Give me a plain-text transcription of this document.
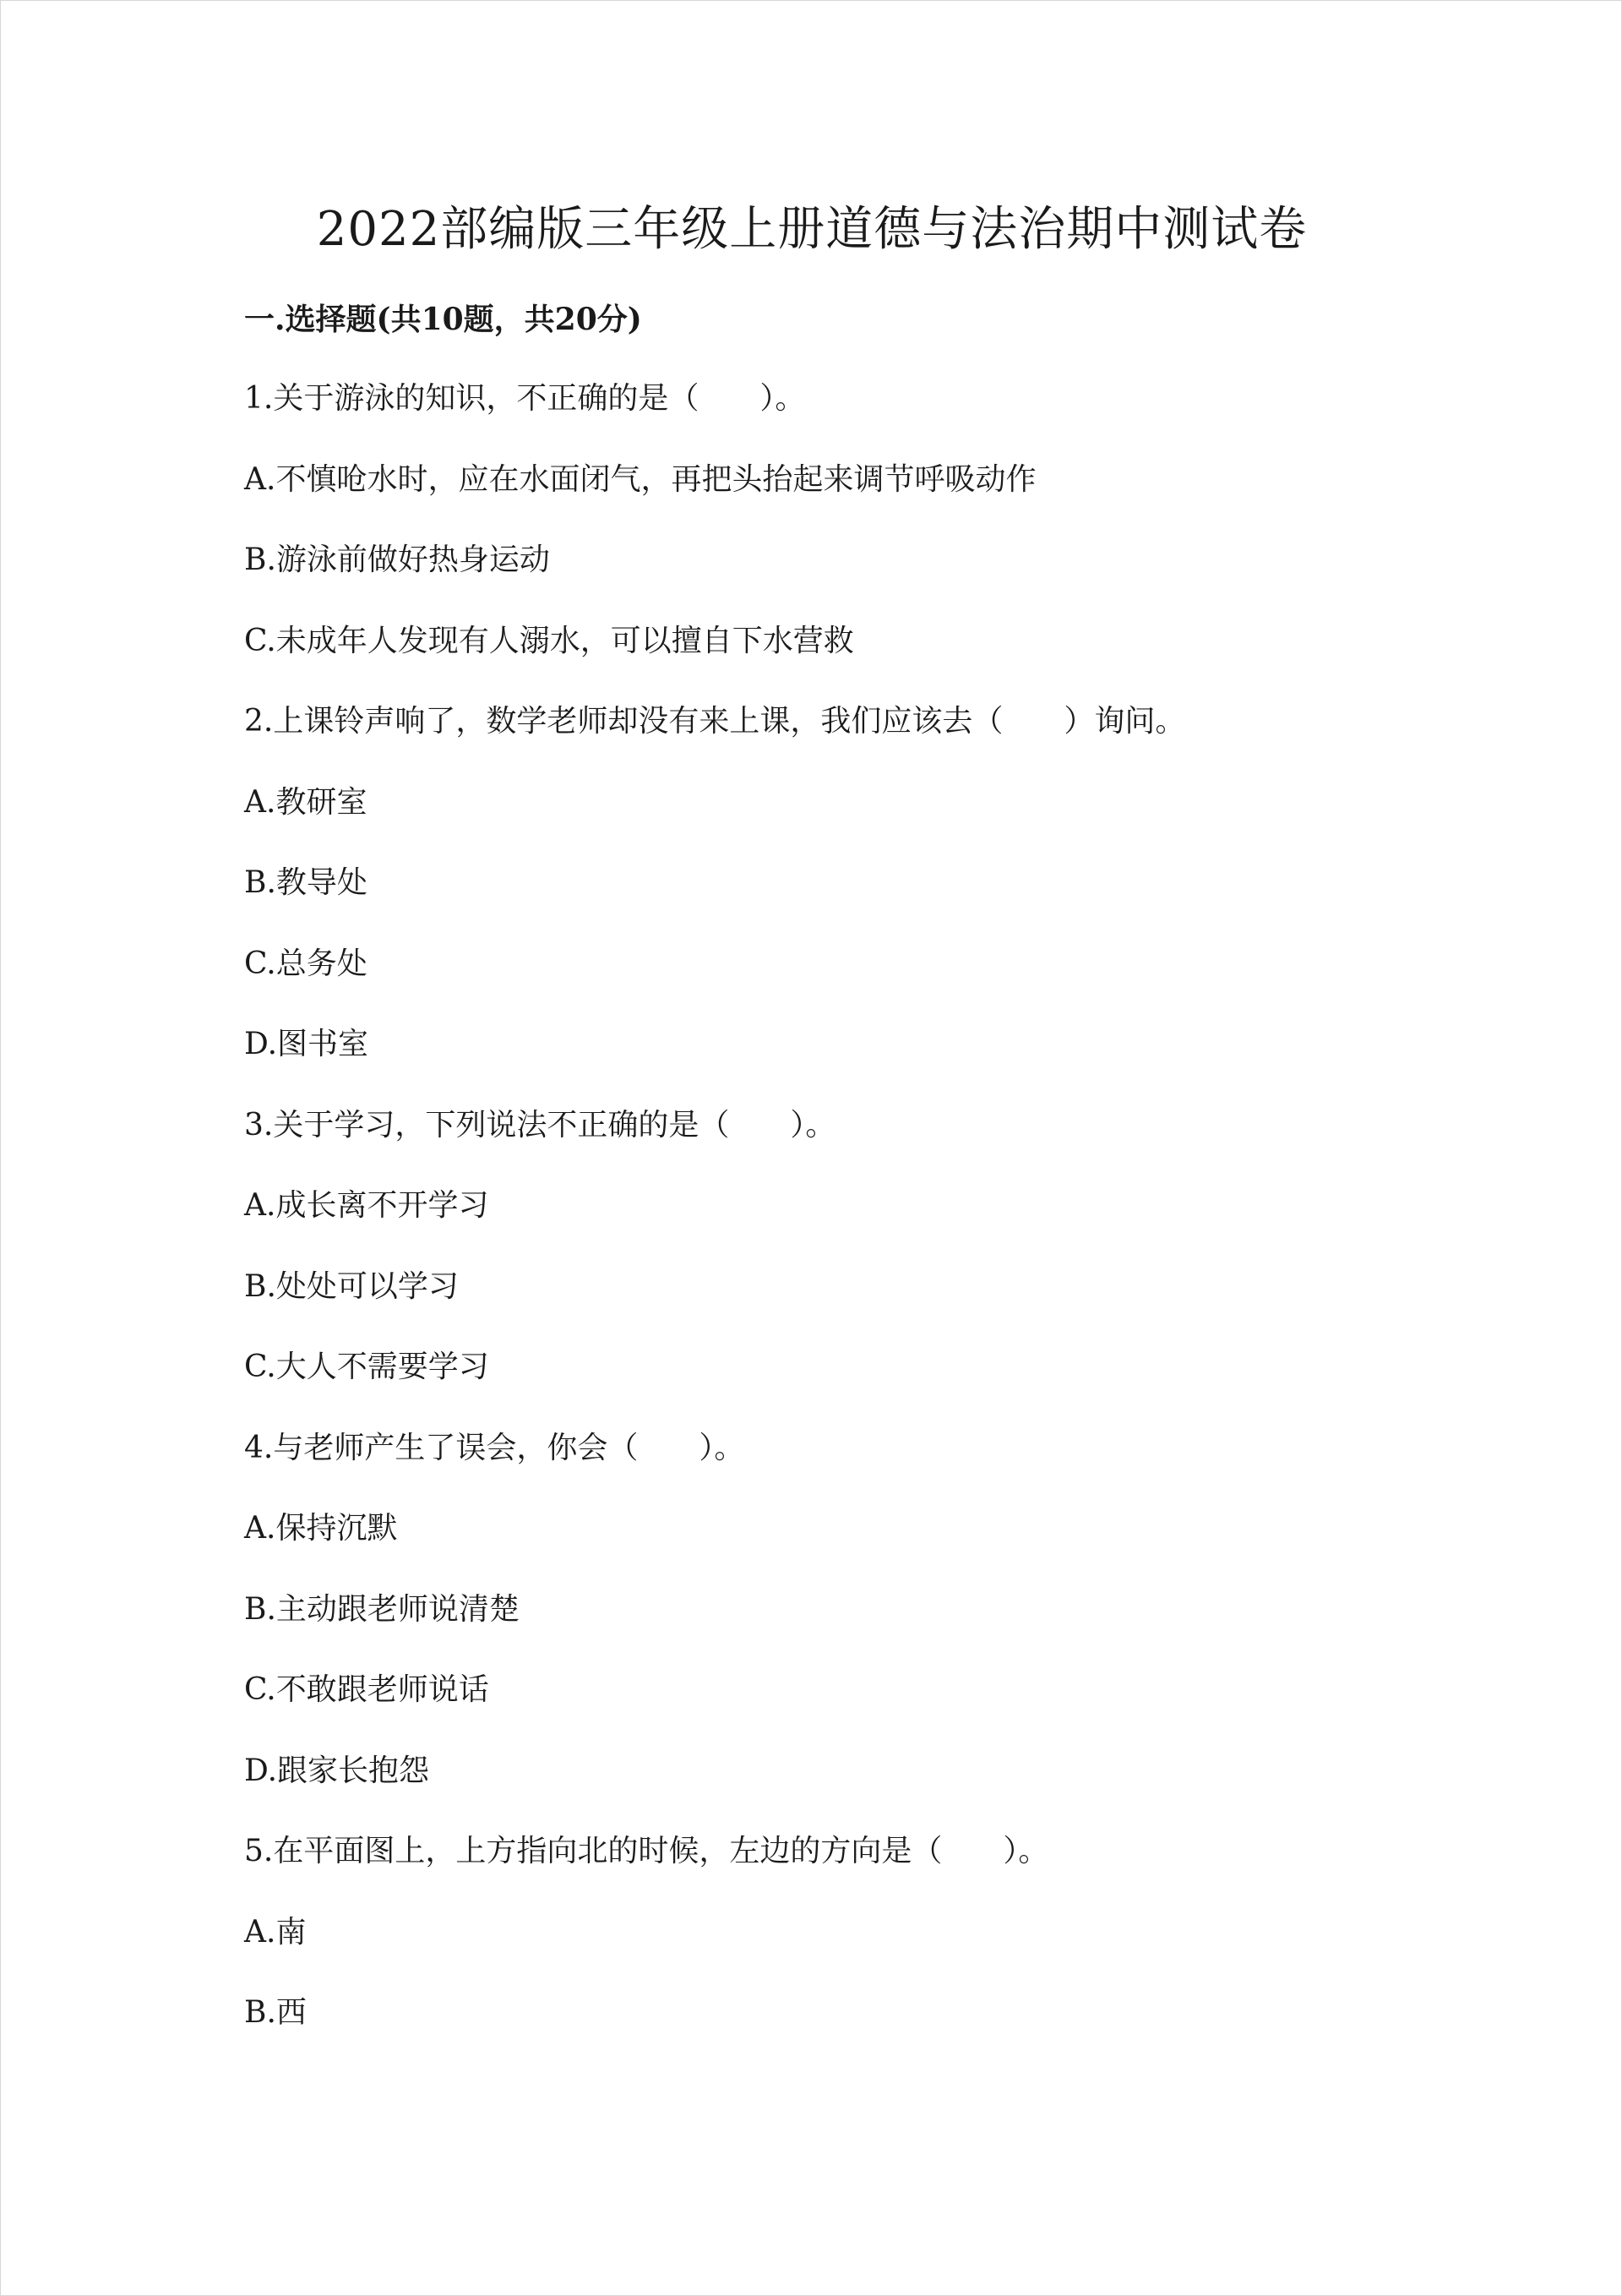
2022部编版三年级上册道德与法治期中测试卷
一.选择题(共10题，共20分)
1.关于游泳的知识，不正确的是（　　）。
A.不慎呛水时，应在水面闭气，再把头抬起来调节呼吸动作
B.游泳前做好热身运动
C.未成年人发现有人溺水，可以擅自下水营救
2.上课铃声响了，数学老师却没有来上课，我们应该去（　　）询问。
A.教研室
B.教导处
C.总务处
D.图书室
3.关于学习，下列说法不正确的是（　　）。
A.成长离不开学习
B.处处可以学习
C.大人不需要学习
4.与老师产生了误会，你会（　　）。
A.保持沉默
B.主动跟老师说清楚
C.不敢跟老师说话
D.跟家长抱怨
5.在平面图上，上方指向北的时候，左边的方向是（　　）。
A.南
B.西
